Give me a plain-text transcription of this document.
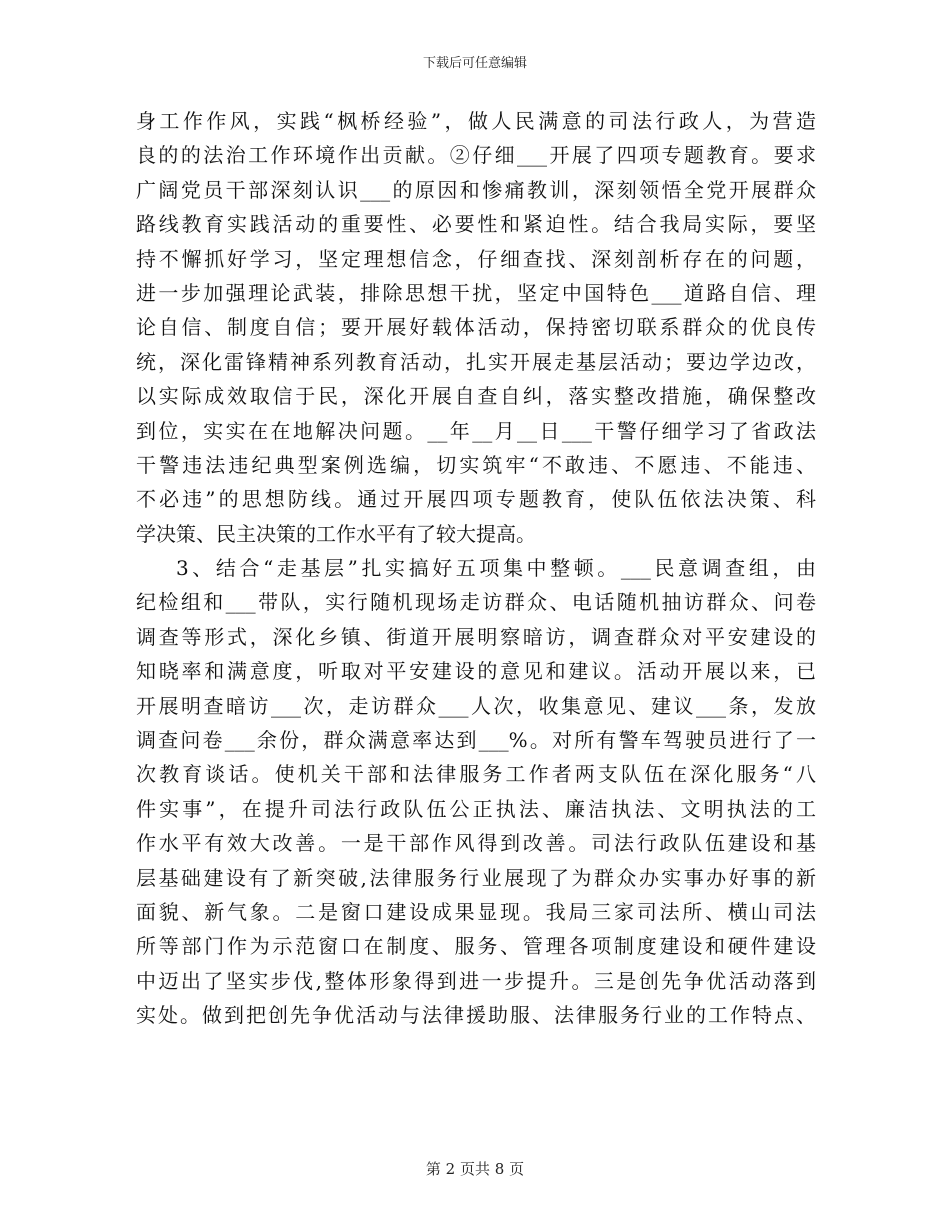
下载后可任意编辑
身工作作风，实践“枫桥经验”，做人民满意的司法行政人，为营造
良的的法治工作环境作出贡献。②仔细___开展了四项专题教育。要求
广阔党员干部深刻认识___的原因和惨痛教训，深刻领悟全党开展群众
路线教育实践活动的重要性、必要性和紧迫性。结合我局实际，要坚
持不懈抓好学习，坚定理想信念，仔细查找、深刻剖析存在的问题，
进一步加强理论武装，排除思想干扰，坚定中国特色___道路自信、理
论自信、制度自信；要开展好载体活动，保持密切联系群众的优良传
统，深化雷锋精神系列教育活动，扎实开展走基层活动；要边学边改，
以实际成效取信于民，深化开展自查自纠，落实整改措施，确保整改
到位，实实在在地解决问题。__年__月__日___干警仔细学习了省政法
干警违法违纪典型案例选编，切实筑牢“不敢违、不愿违、不能违、
不必违”的思想防线。通过开展四项专题教育，使队伍依法决策、科
学决策、民主决策的工作水平有了较大提高。
3、结合“走基层”扎实搞好五项集中整顿。___民意调查组，由
纪检组和___带队，实行随机现场走访群众、电话随机抽访群众、问卷
调查等形式，深化乡镇、街道开展明察暗访，调查群众对平安建设的
知晓率和满意度，听取对平安建设的意见和建议。活动开展以来，已
开展明查暗访___次，走访群众___人次，收集意见、建议___条，发放
调查问卷___余份，群众满意率达到___%。对所有警车驾驶员进行了一
次教育谈话。使机关干部和法律服务工作者两支队伍在深化服务“八
件实事”，在提升司法行政队伍公正执法、廉洁执法、文明执法的工
作水平有效大改善。一是干部作风得到改善。司法行政队伍建设和基
层基础建设有了新突破,法律服务行业展现了为群众办实事办好事的新
面貌、新气象。二是窗口建设成果显现。我局三家司法所、横山司法
所等部门作为示范窗口在制度、服务、管理各项制度建设和硬件建设
中迈出了坚实步伐,整体形象得到进一步提升。三是创先争优活动落到
实处。做到把创先争优活动与法律援助服、法律服务行业的工作特点、
第 2 页共 8 页
